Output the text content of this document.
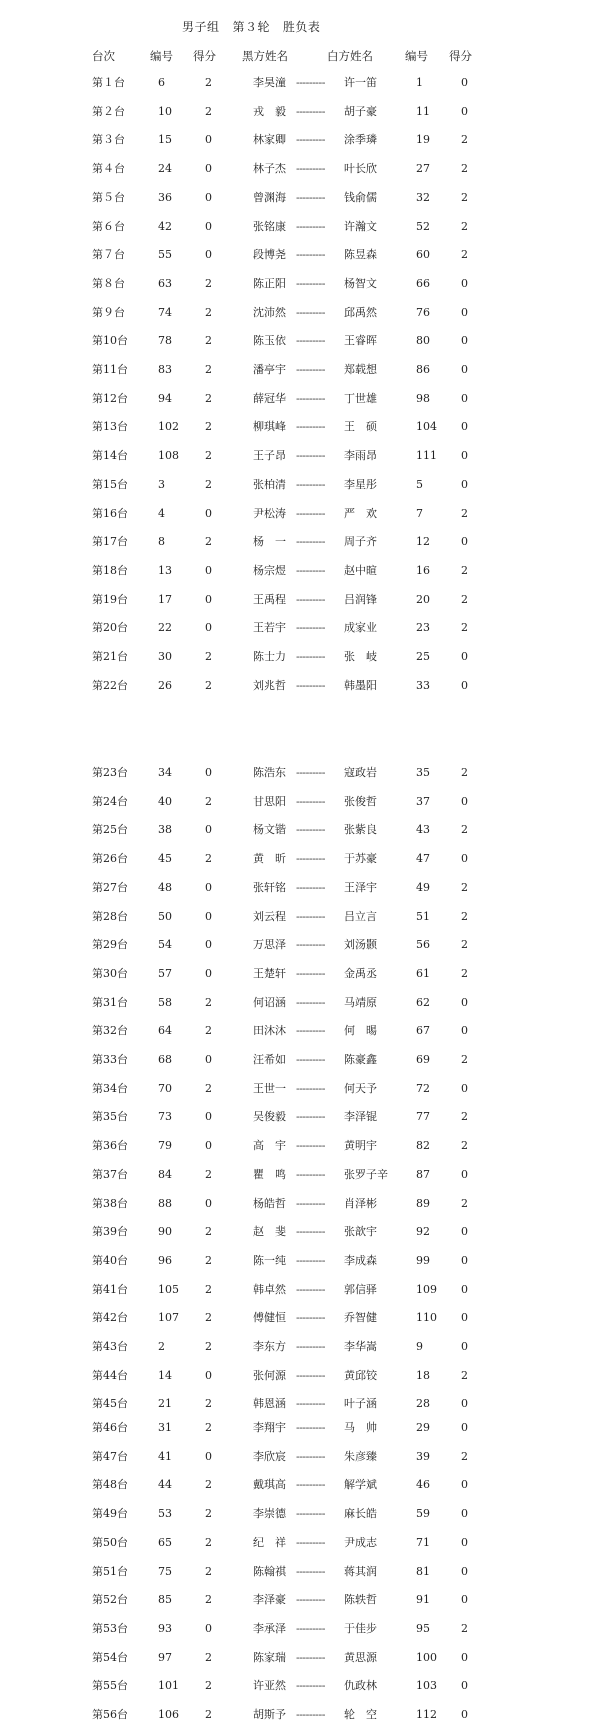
男子组   第３轮   胜负表
台次	编号 得分 黑方姓名	白方姓名	编号 得分
第１台	6	2	李昊潼 --------- 许一笛	1	0
第２台	10	2	戎　毅 --------- 胡子豪	11	0
第３台	15	0	林家卿 --------- 涂季璘	19	2
第４台	24	0	林子杰 --------- 叶长欣	27	2
第５台	36	0	曾渊海 --------- 钱俞儒	32	2
第６台	42	0	张铭康 --------- 许瀚文	52	2
第７台	55	0	段博尧 --------- 陈昱森	60	2
第８台	63	2	陈正阳 --------- 杨智文	66	0
第９台	74	2	沈沛然 --------- 邱禹然	76	0
第10台	78	2	陈玉依 --------- 王睿晖	80	0
第11台	83	2	潘亭宇 --------- 郑载想	86	0
第12台	94	2	薛冠华 --------- 丁世雄	98	0
第13台	102	2	柳琪峰 --------- 王　硕	104	0
第14台	108	2	王子昂 --------- 李雨昂	111	0
第15台	3	2	张柏清 --------- 李星彤	5	0
第16台	4	0	尹松涛 --------- 严　欢	7	2
第17台	8	2	杨　一 --------- 周子齐	12	0
第18台	13	0	杨宗煜 --------- 赵中暄	16	2
第19台	17	0	王禹程 --------- 吕润锋	20	2
第20台	22	0	王若宇 --------- 成家业	23	2
第21台	30	2	陈士力 --------- 张　岐	25	0
第22台	26	2	刘兆哲 --------- 韩墨阳	33	0
第23台	34	0	陈浩东 --------- 寇政岩	35	2
第24台	40	2	甘思阳 --------- 张俊哲	37	0
第25台	38	0	杨文锴 --------- 张紫良	43	2
第26台	45	2	黄　昕 --------- 于苏豪	47	0
第27台	48	0	张轩铭 --------- 王泽宇	49	2
第28台	50	0	刘云程 --------- 吕立言	51	2
第29台	54	0	万思泽 --------- 刘汤颢	56	2
第30台	57	0	王楚轩 --------- 金禹丞	61	2
第31台	58	2	何诏涵 --------- 马靖原	62	0
第32台	64	2	田沐沐 --------- 何　晹	67	0
第33台	68	0	汪希如 --------- 陈豪鑫	69	2
第34台	70	2	王世一 --------- 何天予	72	0
第35台	73	0	吴俊毅 --------- 李泽锟	77	2
第36台	79	0	高　宇 --------- 黄明宇	82	2
第37台	84	2	瞿　鸣 --------- 张罗子辛	87	0
第38台	88	0	杨皓哲 --------- 肖泽彬	89	2
第39台	90	2	赵　斐 --------- 张歆宇	92	0
第40台	96	2	陈一纯 --------- 李成森	99	0
第41台	105	2	韩卓然 --------- 郭信驿	109	0
第42台	107	2	傅健恒 --------- 乔智健	110	0
第43台	2	2	李东方 --------- 李华嵩	9	0
第44台	14	0	张何源 --------- 黄邱铰	18	2
第45台	21	2	韩恩涵 --------- 叶子涵	28	0
第46台	31	2	李翔宇 --------- 马　帅	29	0
第47台	41	0	李欣宸 --------- 朱彦臻	39	2
第48台	44	2	戴琪高 --------- 解学斌	46	0
第49台	53	2	李崇德 --------- 麻长皓	59	0
第50台	65	2	纪　祥 --------- 尹成志	71	0
第51台	75	2	陈翰祺 --------- 蒋其润	81	0
第52台	85	2	李泽豪 --------- 陈轶哲	91	0
第53台	93	0	李承泽 --------- 于佳步	95	2
第54台	97	2	陈家瑞 --------- 黄思源	100	0
第55台	101	2	许亚然 --------- 仇政林	103	0
第56台	106	2	胡斯予 --------- 轮　空	112	0
